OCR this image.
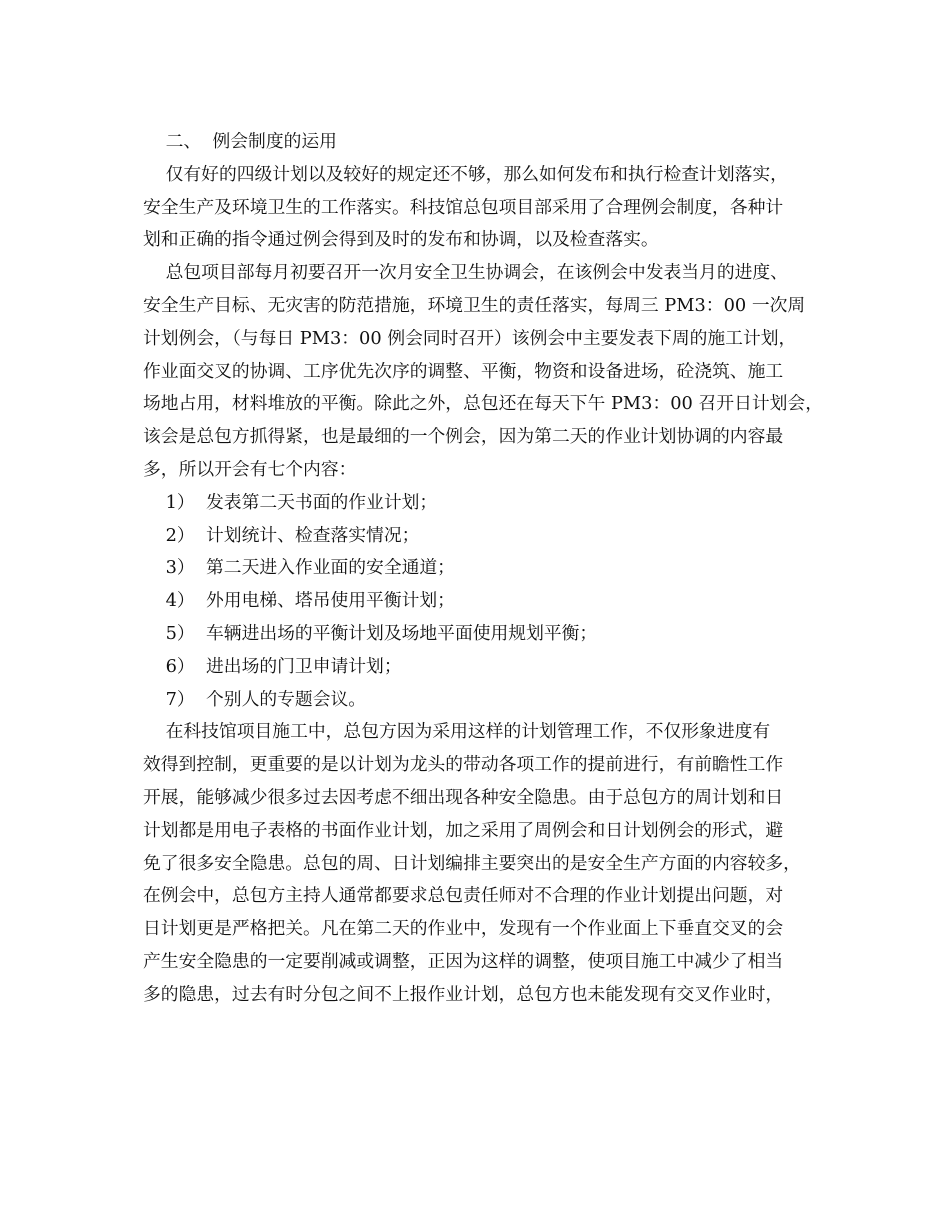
二、  例会制度的运用
仅有好的四级计划以及较好的规定还不够，那么如何发布和执行检查计划落实，
安全生产及环境卫生的工作落实。科技馆总包项目部采用了合理例会制度，各种计
划和正确的指令通过例会得到及时的发布和协调，以及检查落实。
总包项目部每月初要召开一次月安全卫生协调会，在该例会中发表当月的进度、
安全生产目标、无灾害的防范措施，环境卫生的责任落实，每周三 PM3：00 一次周
计划例会，（与每日 PM3：00 例会同时召开）该例会中主要发表下周的施工计划，
作业面交叉的协调、工序优先次序的调整、平衡，物资和设备进场，砼浇筑、施工
场地占用，材料堆放的平衡。除此之外，总包还在每天下午 PM3：00 召开日计划会，
该会是总包方抓得紧，也是最细的一个例会，因为第二天的作业计划协调的内容最
多，所以开会有七个内容：
1）  发表第二天书面的作业计划；
2）  计划统计、检查落实情况；
3）  第二天进入作业面的安全通道；
4）  外用电梯、塔吊使用平衡计划；
5）  车辆进出场的平衡计划及场地平面使用规划平衡；
6）  进出场的门卫申请计划；
7）  个别人的专题会议。
在科技馆项目施工中，总包方因为采用这样的计划管理工作，不仅形象进度有
效得到控制，更重要的是以计划为龙头的带动各项工作的提前进行，有前瞻性工作
开展，能够减少很多过去因考虑不细出现各种安全隐患。由于总包方的周计划和日
计划都是用电子表格的书面作业计划，加之采用了周例会和日计划例会的形式，避
免了很多安全隐患。总包的周、日计划编排主要突出的是安全生产方面的内容较多，
在例会中，总包方主持人通常都要求总包责任师对不合理的作业计划提出问题，对
日计划更是严格把关。凡在第二天的作业中，发现有一个作业面上下垂直交叉的会
产生安全隐患的一定要削减或调整，正因为这样的调整，使项目施工中减少了相当
多的隐患，过去有时分包之间不上报作业计划，总包方也未能发现有交叉作业时，
